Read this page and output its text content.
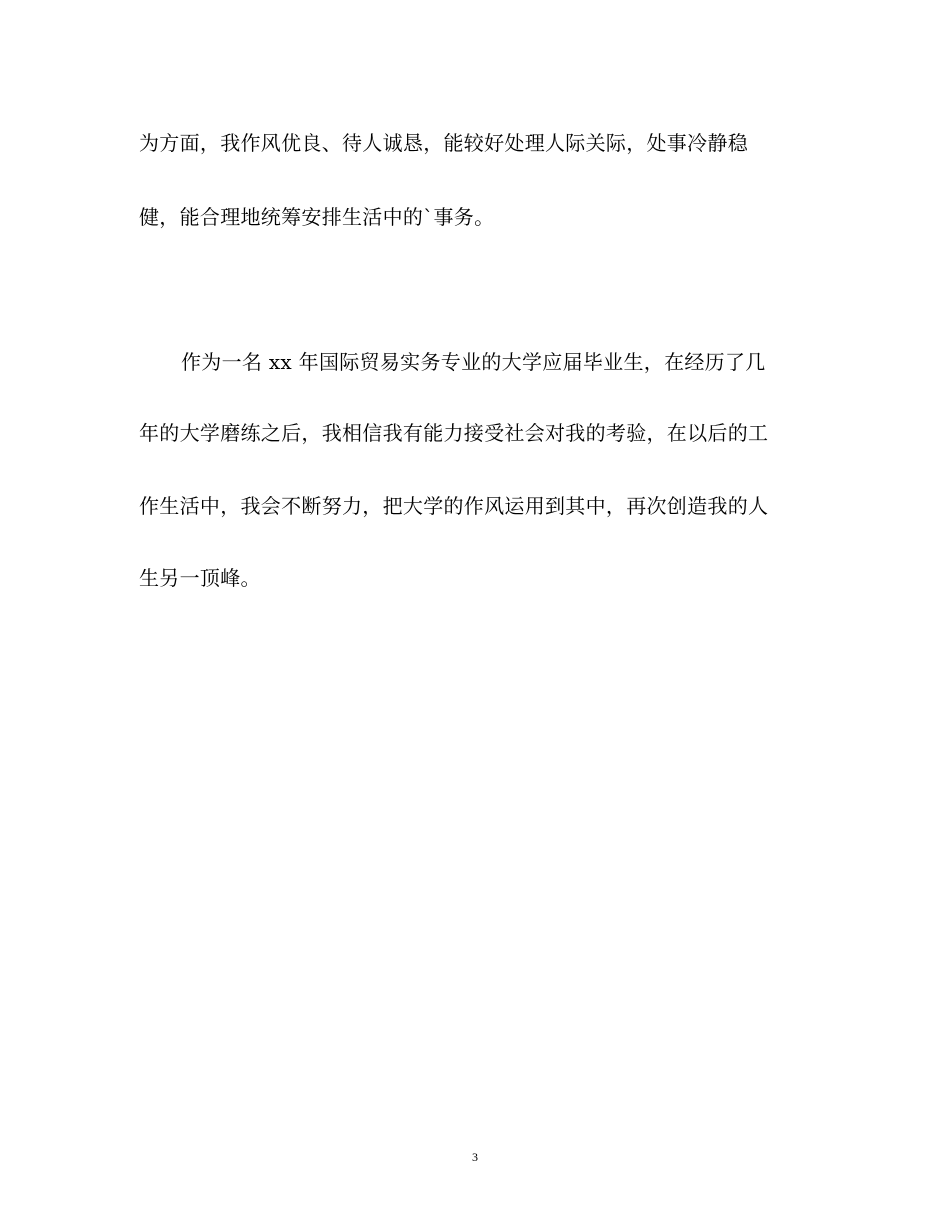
为方面，我作风优良、待人诚恳，能较好处理人际关际，处事冷静稳
健，能合理地统筹安排生活中的`事务。
作为一名 xx 年国际贸易实务专业的大学应届毕业生，在经历了几
年的大学磨练之后，我相信我有能力接受社会对我的考验，在以后的工
作生活中，我会不断努力，把大学的作风运用到其中，再次创造我的人
生另一顶峰。
3
